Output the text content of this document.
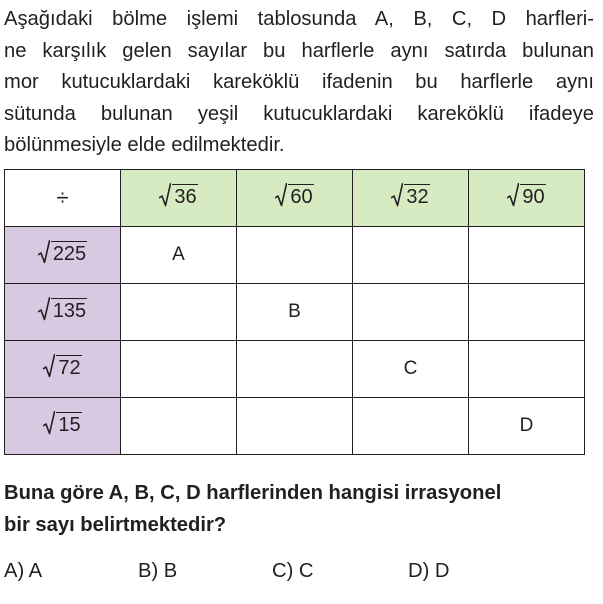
Aşağıdaki bölme işlemi tablosunda A, B, C, D harfleri-
ne karşılık gelen sayılar bu harflerle aynı satırda bulunan
mor kutucuklardaki kareköklü ifadenin bu harflerle aynı
sütunda bulunan yeşil kutucuklardaki kareköklü ifadeye
bölünmesiyle elde edilmektedir.
÷	36	60	32	90

225	A			

135		B		

72			C	

15				D
Buna göre A, B, C, D harflerinden hangisi irrasyonel
bir sayı belirtmektedir?
A) A	B) B	C) C	D) D
